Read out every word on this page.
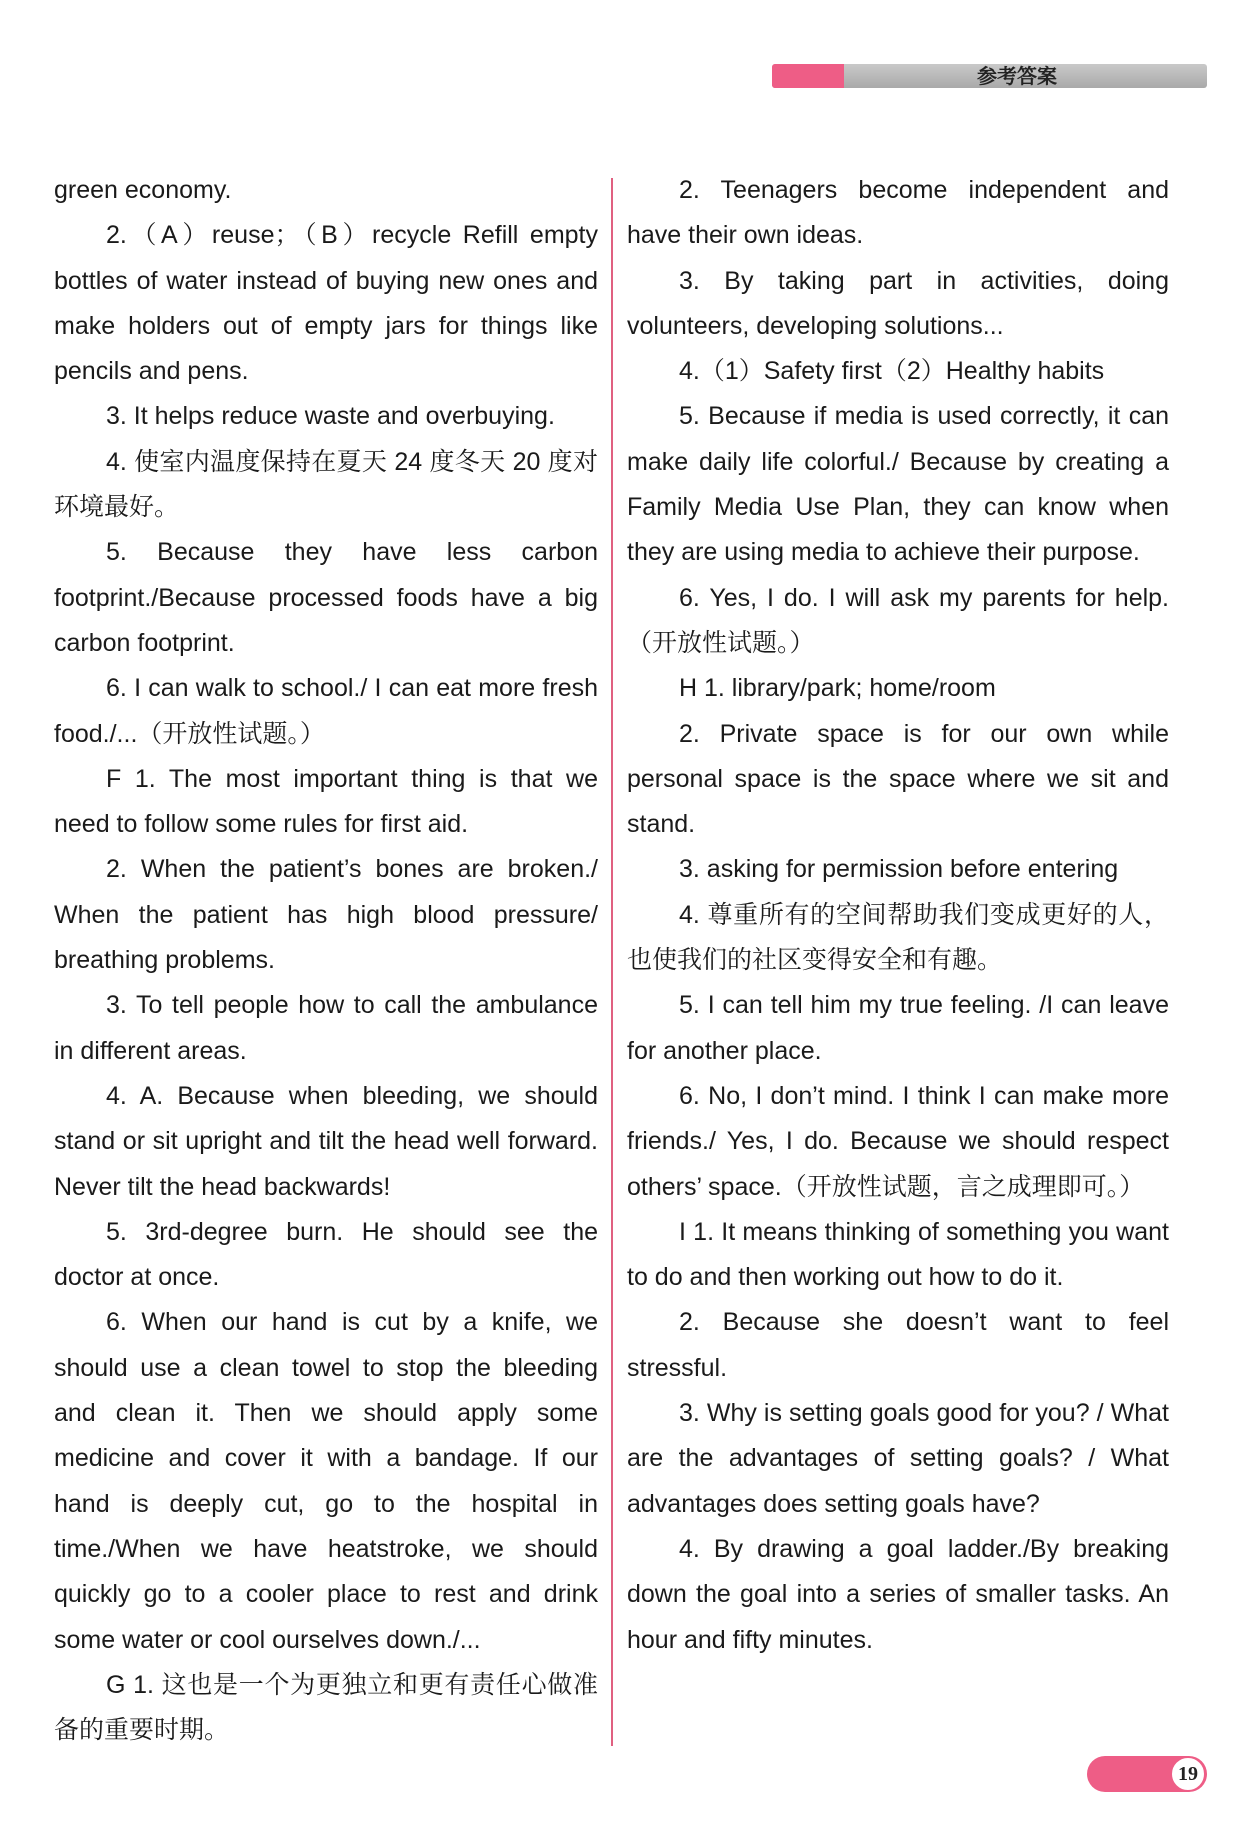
参考答案

green economy.

2.（A）reuse；（B）recycle Refill empty bottles of water instead of buying new ones and make holders out of empty jars for things like pencils and pens.

3. It helps reduce waste and overbuying.

4. 使室内温度保持在夏天 24 度冬天 20 度对环境最好。

5. Because they have less carbon footprint./Because processed foods have a big carbon footprint.

6. I can walk to school./ I can eat more fresh food./...（开放性试题。）

F 1. The most important thing is that we need to follow some rules for first aid.

2. When the patient’s bones are broken./ When the patient has high blood pressure/ breathing problems.

3. To tell people how to call the ambulance in different areas.

4. A. Because when bleeding, we should stand or sit upright and tilt the head well forward. Never tilt the head backwards!

5. 3rd-degree burn. He should see the doctor at once.

6. When our hand is cut by a knife, we should use a clean towel to stop the bleeding and clean it. Then we should apply some medicine and cover it with a bandage. If our hand is deeply cut, go to the hospital in time./When we have heatstroke, we should quickly go to a cooler place to rest and drink some water or cool ourselves down./...

G 1. 这也是一个为更独立和更有责任心做准备的重要时期。

2. Teenagers become independent and have their own ideas.

3. By taking part in activities, doing volunteers, developing solutions...

4.（1）Safety first（2）Healthy habits

5. Because if media is used correctly, it can make daily life colorful./ Because by creating a Family Media Use Plan, they can know when they are using media to achieve their purpose.

6. Yes, I do. I will ask my parents for help.（开放性试题。）

H 1. library/park; home/room

2. Private space is for our own while personal space is the space where we sit and stand.

3. asking for permission before entering

4. 尊重所有的空间帮助我们变成更好的人，也使我们的社区变得安全和有趣。

5. I can tell him my true feeling. /I can leave for another place.

6. No, I don’t mind. I think I can make more friends./ Yes, I do. Because we should respect others’ space.（开放性试题，言之成理即可。）

I 1. It means thinking of something you want to do and then working out how to do it.

2. Because she doesn’t want to feel stressful.

3. Why is setting goals good for you? / What are the advantages of setting goals? / What advantages does setting goals have?

4. By drawing a goal ladder./By breaking down the goal into a series of smaller tasks. An hour and fifty minutes.

19
